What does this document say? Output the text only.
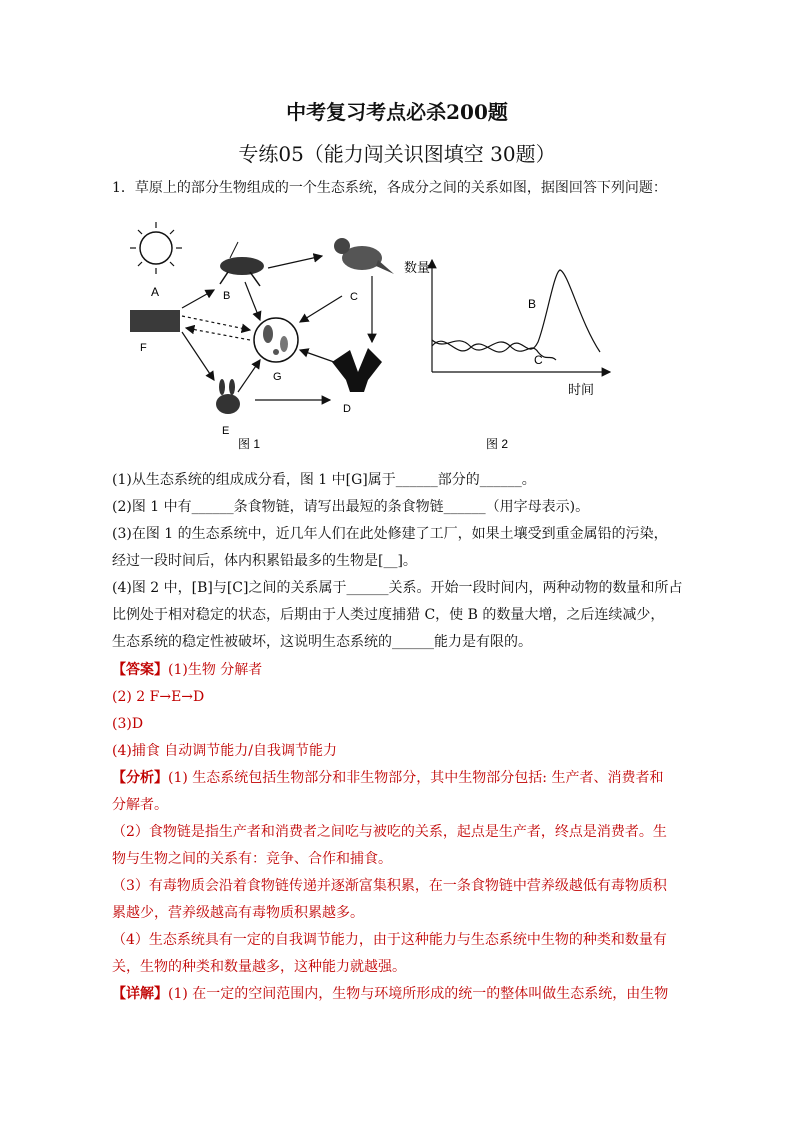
中考复习考点必杀200题
专练05（能力闯关识图填空 30题）
1．草原上的部分生物组成的一个生态系统，各成分之间的关系如图，据图回答下列问题：
A	B	C
F
G
E
D
图 1
数量
时间
B
C
图 2
(1)从生态系统的组成成分看，图 1 中[G]属于______部分的______。
(2)图 1 中有______条食物链，请写出最短的条食物链______（用字母表示)。
(3)在图 1 的生态系统中，近几年人们在此处修建了工厂，如果土壤受到重金属铅的污染，
经过一段时间后，体内积累铅最多的生物是[__]。
(4)图 2 中，[B]与[C]之间的关系属于______关系。开始一段时间内，两种动物的数量和所占
比例处于相对稳定的状态，后期由于人类过度捕猎 C，使 B 的数量大增，之后连续减少，
生态系统的稳定性被破坏，这说明生态系统的______能力是有限的。
【答案】(1)生物 分解者
(2) 2 F→E→D
(3)D
(4)捕食 自动调节能力/自我调节能力
【分析】(1) 生态系统包括生物部分和非生物部分，其中生物部分包括: 生产者、消费者和
分解者。
（2）食物链是指生产者和消费者之间吃与被吃的关系，起点是生产者，终点是消费者。生
物与生物之间的关系有：竞争、合作和捕食。
（3）有毒物质会沿着食物链传递并逐渐富集积累，在一条食物链中营养级越低有毒物质积
累越少，营养级越高有毒物质积累越多。
（4）生态系统具有一定的自我调节能力，由于这种能力与生态系统中生物的种类和数量有
关，生物的种类和数量越多，这种能力就越强。
【详解】(1) 在一定的空间范围内，生物与环境所形成的统一的整体叫做生态系统，由生物
